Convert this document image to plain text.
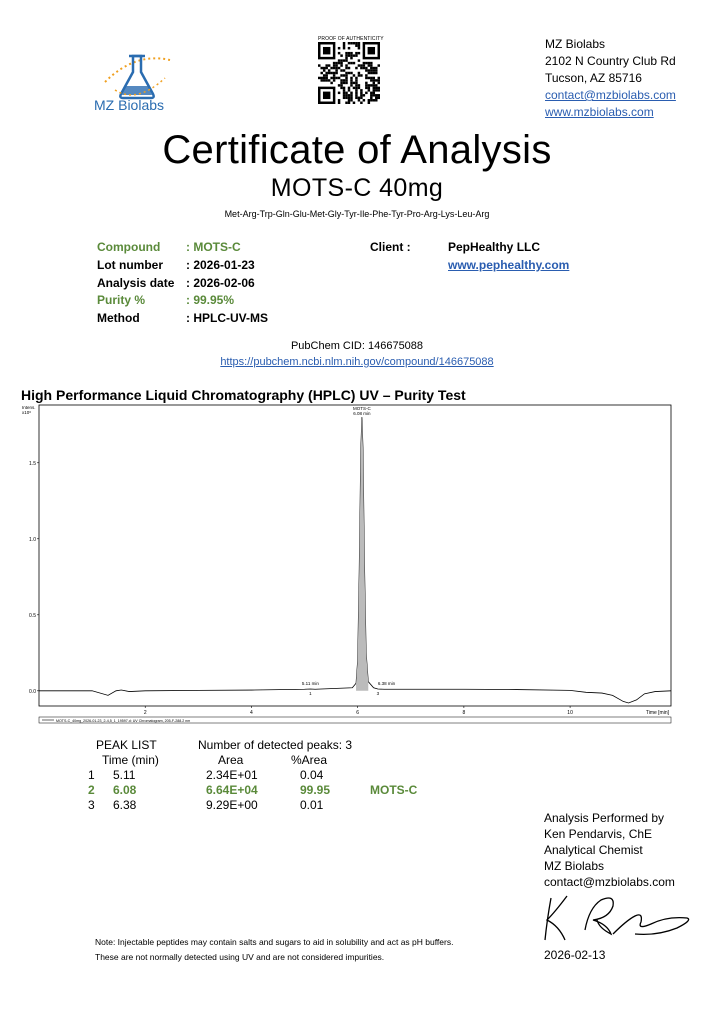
MZ Biolabs
PROOF OF AUTHENTICITY	MZ Biolabs
2102 N Country Club Rd
Tucson, AZ 85716
contact@mzbiolabs.com
www.mzbiolabs.com
Certificate of Analysis
MOTS-C 40mg
Met-Arg-Trp-Gln-Glu-Met-Gly-Tyr-Ile-Phe-Tyr-Pro-Arg-Lys-Leu-Arg
Compound : MOTS-C
Lot number : 2026-01-23
Analysis date : 2026-02-06
Purity %	: 99.95%
Method	: HPLC-UV-MS
Client :	PepHealthy LLC
www.pephealthy.com
PubChem CID: 146675088
https://pubchem.ncbi.nlm.nih.gov/compound/146675088
High Performance Liquid Chromatography (HPLC) UV – Purity Test
Intens.
x10⁶
0.0
0.5
1.0
1.5
2	4	6	8	10	Time [min]
MOTS-C
6.08 min
5.11 min
1
6.38 min
3
MOTS-C_40mg_2026-01-23_2-4,5_1_19597.d: UV Chromatogram, 205-F-288.2 nm
PEAK LIST	Number of detected peaks: 3
Time (min)	Area	%Area
1 5.11	2.34E+01	0.04
2 6.08	6.64E+04	99.95	MOTS-C
3 6.38	9.29E+00	0.01
Analysis Performed by
Ken Pendarvis, ChE
Analytical Chemist
MZ Biolabs
contact@mzbiolabs.com
2026-02-13
Note: Injectable peptides may contain salts and sugars to aid in solubility and act as pH buffers.
These are not normally detected using UV and are not considered impurities.
